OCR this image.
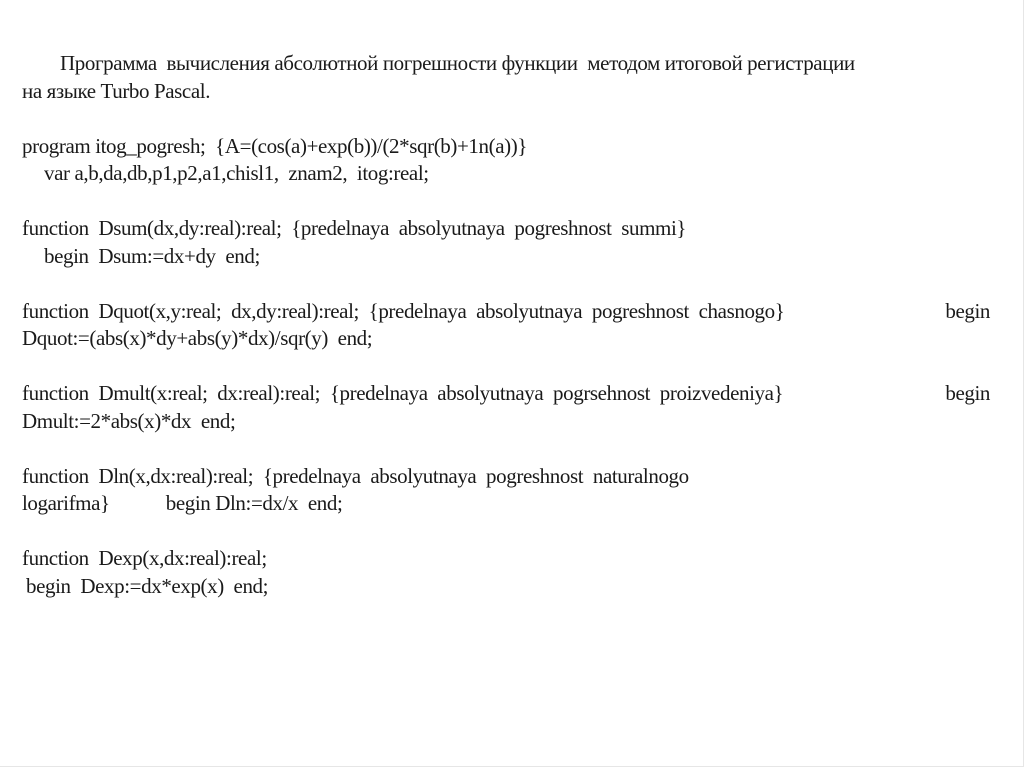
Программа  вычисления абсолютной погрешности функции  методом итоговой регистрации
на языке Turbo Pascal.
program itog_pogresh;  {A=(cos(a)+exp(b))/(2*sqr(b)+1n(a))}
var a,b,da,db,p1,p2,a1,chisl1,  znam2,  itog:real;
function  Dsum(dx,dy:real):real;  {predelnaya  absolyutnaya  pogreshnost  summi}
begin  Dsum:=dx+dy  end;
function  Dquot(x,y:real;  dx,dy:real):real;  {predelnaya  absolyutnaya  pogreshnost  chasnogo}	begin
Dquot:=(abs(x)*dy+abs(y)*dx)/sqr(y)  end;
function  Dmult(x:real;  dx:real):real;  {predelnaya  absolyutnaya  pogrsehnost  proizvedeniya}	begin
Dmult:=2*abs(x)*dx  end;
function  Dln(x,dx:real):real;  {predelnaya  absolyutnaya  pogreshnost  naturalnogo
logarifma}	begin Dln:=dx/x  end;
function  Dexp(x,dx:real):real;
begin  Dexp:=dx*exp(x)  end;
